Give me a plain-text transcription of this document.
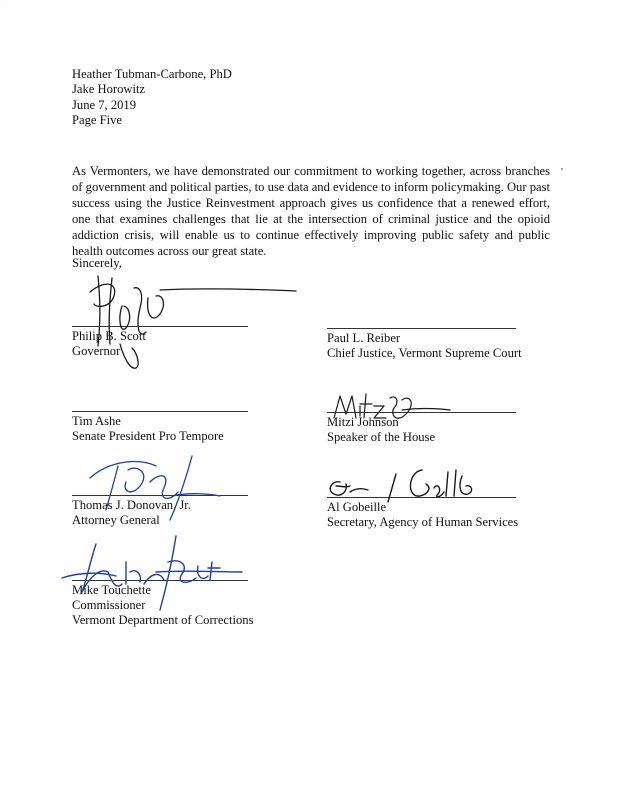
·
Heather Tubman-Carbone, PhD
Jake Horowitz
June 7, 2019
Page Five

As Vermonters, we have demonstrated our commitment to working together, across branches of government and political parties, to use data and evidence to inform policymaking. Our past success using the Justice Reinvestment approach gives us confidence that a renewed effort, one that examines challenges that lie at the intersection of criminal justice and the opioid addiction crisis, will enable us to continue effectively improving public safety and public health outcomes across our great state.

Sincerely,
Philip B. Scott
Governor
Tim Ashe
Senate President Pro Tempore
Thomas J. Donovan, Jr.
Attorney General
Mike Touchette
Commissioner
Vermont Department of Corrections
Paul L. Reiber
Chief Justice, Vermont Supreme Court
Mitzi Johnson
Speaker of the House
Al Gobeille
Secretary, Agency of Human Services
